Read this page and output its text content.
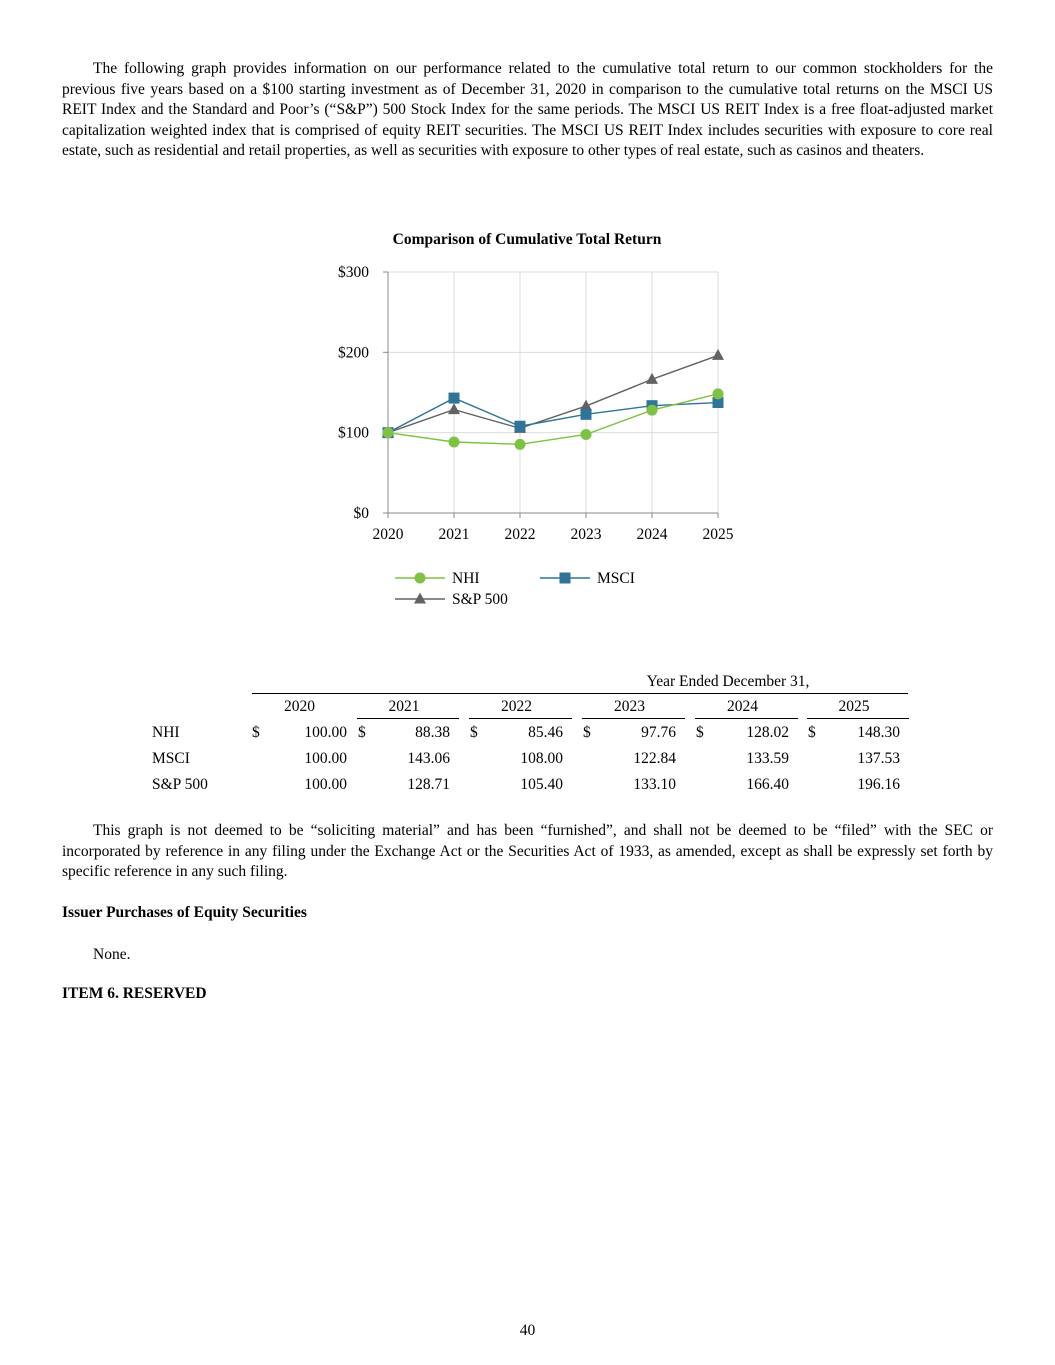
The following graph provides information on our performance related to the cumulative total return to our common stockholders for the previous five years based on a $100 starting investment as of December 31, 2020 in comparison to the cumulative total returns on the MSCI US REIT Index and the Standard and Poor’s (“S&P”) 500 Stock Index for the same periods. The MSCI US REIT Index is a free float-adjusted market capitalization weighted index that is comprised of equity REIT securities. The MSCI US REIT Index includes securities with exposure to core real estate, such as residential and retail properties, as well as securities with exposure to other types of real estate, such as casinos and theaters.

Comparison of Cumulative Total Return
$0
$100
$200
$300
2020 2021 2022 2023 2024 2025
NHI	MSCI
S&P 500
Year Ended December 31,
2020	2021	2022	2023	2024	2025
NHI	$	100.00 $	88.38 $	85.46 $	97.76 $	128.02 $	148.30
MSCI	100.00	143.06	108.00	122.84	133.59	137.53
S&P 500	100.00	128.71	105.40	133.10	166.40	196.16

This graph is not deemed to be “soliciting material” and has been “furnished”, and shall not be deemed to be “filed” with the SEC or incorporated by reference in any filing under the Exchange Act or the Securities Act of 1933, as amended, except as shall be expressly set forth by specific reference in any such filing.

Issuer Purchases of Equity Securities

None.

ITEM 6. RESERVED

40
